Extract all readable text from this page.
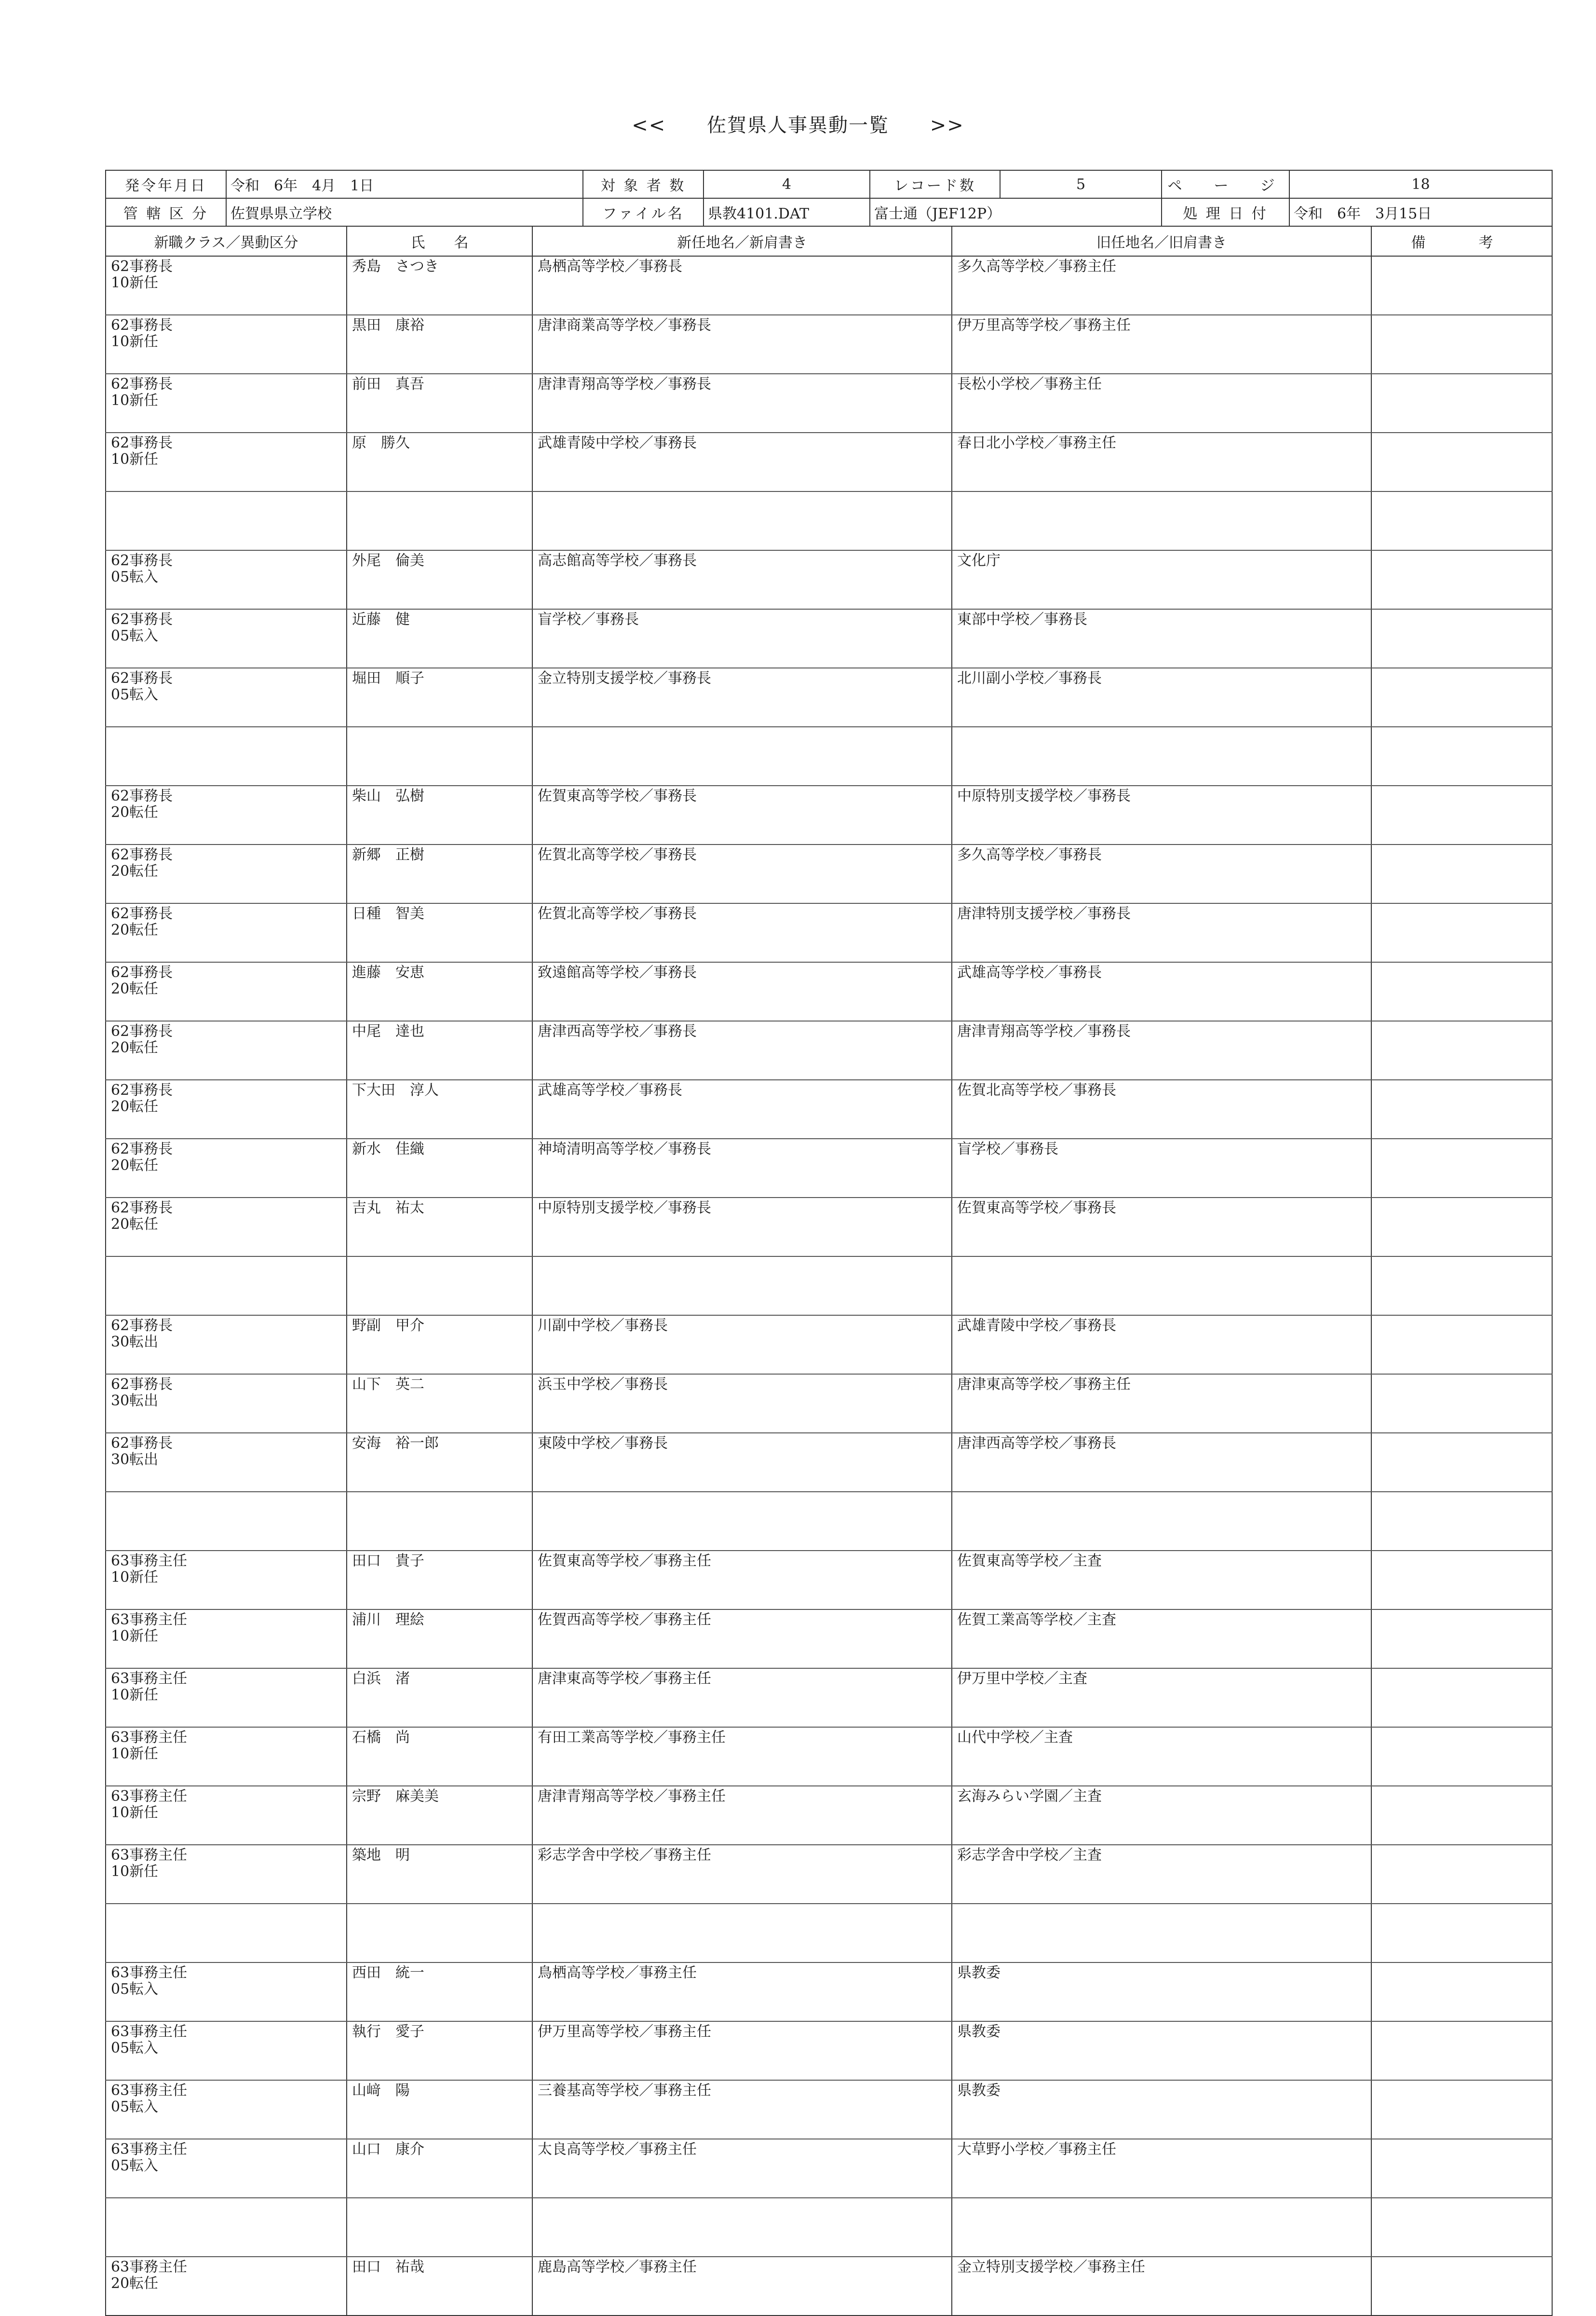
<< 佐賀県人事異動一覧 >>
発令年月日	令和　6年　4月　1日	対 象 者 数	4	レコード数	5	ペ　ー　ジ	18
管 轄 区 分	佐賀県県立学校	ファイル名	県教4101.DAT	富士通（JEF12P）		処 理 日 付	令和　6年　3月15日
新職クラス／異動区分	氏　　名	新任地名／新肩書き	旧任地名／旧肩書き	備　考

62事務長
10新任	秀島　さつき	鳥栖高等学校／事務長	多久高等学校／事務主任	

62事務長
10新任	黒田　康裕	唐津商業高等学校／事務長	伊万里高等学校／事務主任	

62事務長
10新任	前田　真吾	唐津青翔高等学校／事務長	長松小学校／事務主任	

62事務長
10新任	原　勝久	武雄青陵中学校／事務長	春日北小学校／事務主任	

62事務長
05転入	外尾　倫美	高志館高等学校／事務長	文化庁	

62事務長
05転入	近藤　健	盲学校／事務長	東部中学校／事務長	

62事務長
05転入	堀田　順子	金立特別支援学校／事務長	北川副小学校／事務長	

62事務長
20転任	柴山　弘樹	佐賀東高等学校／事務長	中原特別支援学校／事務長	

62事務長
20転任	新郷　正樹	佐賀北高等学校／事務長	多久高等学校／事務長	

62事務長
20転任	日種　智美	佐賀北高等学校／事務長	唐津特別支援学校／事務長	

62事務長
20転任	進藤　安恵	致遠館高等学校／事務長	武雄高等学校／事務長	

62事務長
20転任	中尾　達也	唐津西高等学校／事務長	唐津青翔高等学校／事務長	

62事務長
20転任	下大田　淳人	武雄高等学校／事務長	佐賀北高等学校／事務長	

62事務長
20転任	新水　佳織	神埼清明高等学校／事務長	盲学校／事務長	

62事務長
20転任	吉丸　祐太	中原特別支援学校／事務長	佐賀東高等学校／事務長	

62事務長
30転出	野副　甲介	川副中学校／事務長	武雄青陵中学校／事務長	

62事務長
30転出	山下　英二	浜玉中学校／事務長	唐津東高等学校／事務主任	

62事務長
30転出	安海　裕一郎	東陵中学校／事務長	唐津西高等学校／事務長	

63事務主任
10新任	田口　貴子	佐賀東高等学校／事務主任	佐賀東高等学校／主査	

63事務主任
10新任	浦川　理絵	佐賀西高等学校／事務主任	佐賀工業高等学校／主査	

63事務主任
10新任	白浜　渚	唐津東高等学校／事務主任	伊万里中学校／主査	

63事務主任
10新任	石橋　尚	有田工業高等学校／事務主任	山代中学校／主査	

63事務主任
10新任	宗野　麻美美	唐津青翔高等学校／事務主任	玄海みらい学園／主査	

63事務主任
10新任	築地　明	彩志学舎中学校／事務主任	彩志学舎中学校／主査	

63事務主任
05転入	西田　統一	鳥栖高等学校／事務主任	県教委	

63事務主任
05転入	執行　愛子	伊万里高等学校／事務主任	県教委	

63事務主任
05転入	山﨑　陽	三養基高等学校／事務主任	県教委	

63事務主任
05転入	山口　康介	太良高等学校／事務主任	大草野小学校／事務主任	

63事務主任
20転任	田口　祐哉	鹿島高等学校／事務主任	金立特別支援学校／事務主任	
